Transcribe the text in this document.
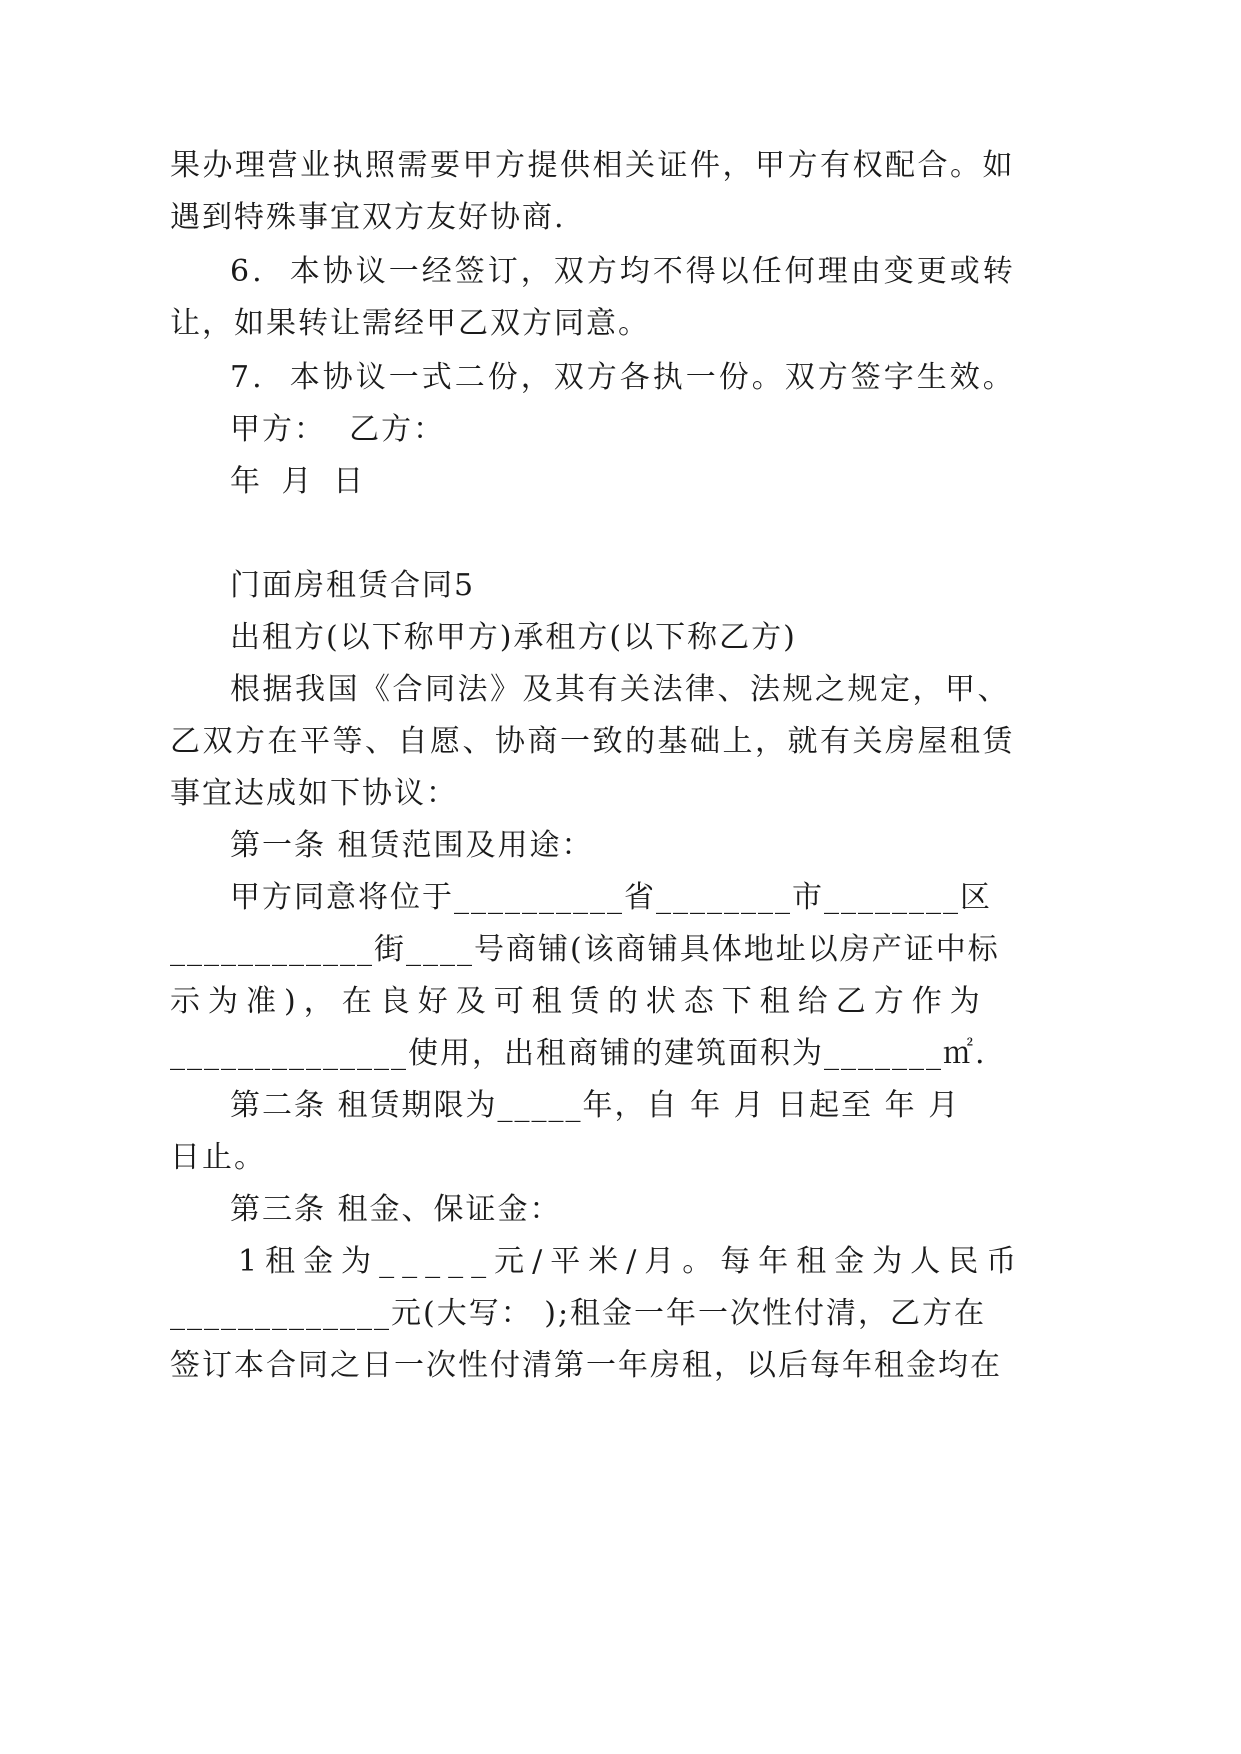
果办理营业执照需要甲方提供相关证件，甲方有权配合。如
遇到特殊事宜双方友好协商.
6.  本协议一经签订，双方均不得以任何理由变更或转
让，如果转让需经甲乙双方同意。
7.  本协议一式二份，双方各执一份。双方签字生效。
甲方：  乙方：
年 月 日
门面房租赁合同5
出租方(以下称甲方)承租方(以下称乙方)
根据我国《合同法》及其有关法律、法规之规定，甲、
乙双方在平等、自愿、协商一致的基础上，就有关房屋租赁
事宜达成如下协议：
第一条 租赁范围及用途：
甲方同意将位于__________省________市________区
____________街____号商铺(该商铺具体地址以房产证中标
示为准)，在良好及可租赁的状态下租给乙方作为
______________使用，出租商铺的建筑面积为_______㎡.
第二条 租赁期限为_____年，自 年 月 日起至 年 月
日止。
第三条 租金、保证金：
1租金为_____元/平米/月。每年租金为人民币
_____________元(大写： );租金一年一次性付清，乙方在
签订本合同之日一次性付清第一年房租，以后每年租金均在
